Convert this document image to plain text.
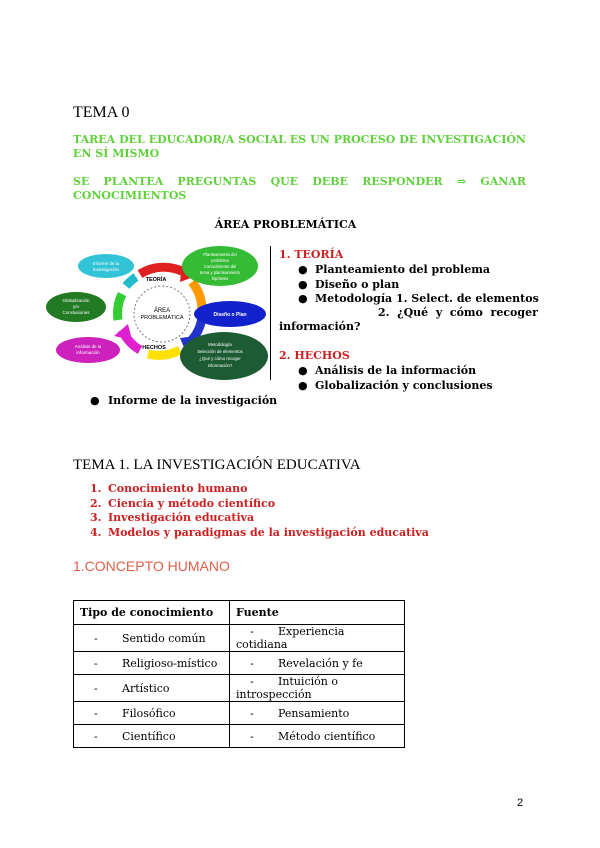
TEMA 0
TAREA DEL EDUCADOR/A SOCIAL ES UN PROCESO DE INVESTIGACIÓN EN SÍ MISMO
SE PLANTEA PREGUNTAS QUE DEBE RESPONDER ⇒ GANAR
CONOCIMIENTOS
ÁREA PROBLEMÁTICA
ÁREA
PROBLEMÁTICA
TEORÍA
HECHOS
Informe de la
investigación
Planteamiento del
problema
Conocimiento del
tema y planteamiento
hipótesis
Globalización
y/o
Conclusiones	Diseño o Plan
Análisis de la
información
Metodología
Selección de elementos
¿Qué y cómo recoger
información?
1. TEORÍA
● Planteamiento del problema
● Diseño o plan
● Metodología 1. Select. de elementos
2.  ¿Qué  y  cómo  recoger
información?
2. HECHOS
● Análisis de la información
● Globalización y conclusiones
● Informe de la investigación
TEMA 1. LA INVESTIGACIÓN EDUCATIVA
1. Conocimiento humano
2. Ciencia y método científico
3. Investigación educativa
4. Modelos y paradigmas de la investigación educativa
1.CONCEPTO HUMANO
Tipo de conocimiento	Fuente
- Sentido común	- Experiencia cotidiana
- Religioso-místico	- Revelación y fe
- Artístico	- Intuición o introspección
- Filosófico	- Pensamiento
- Científico	- Método científico
2
